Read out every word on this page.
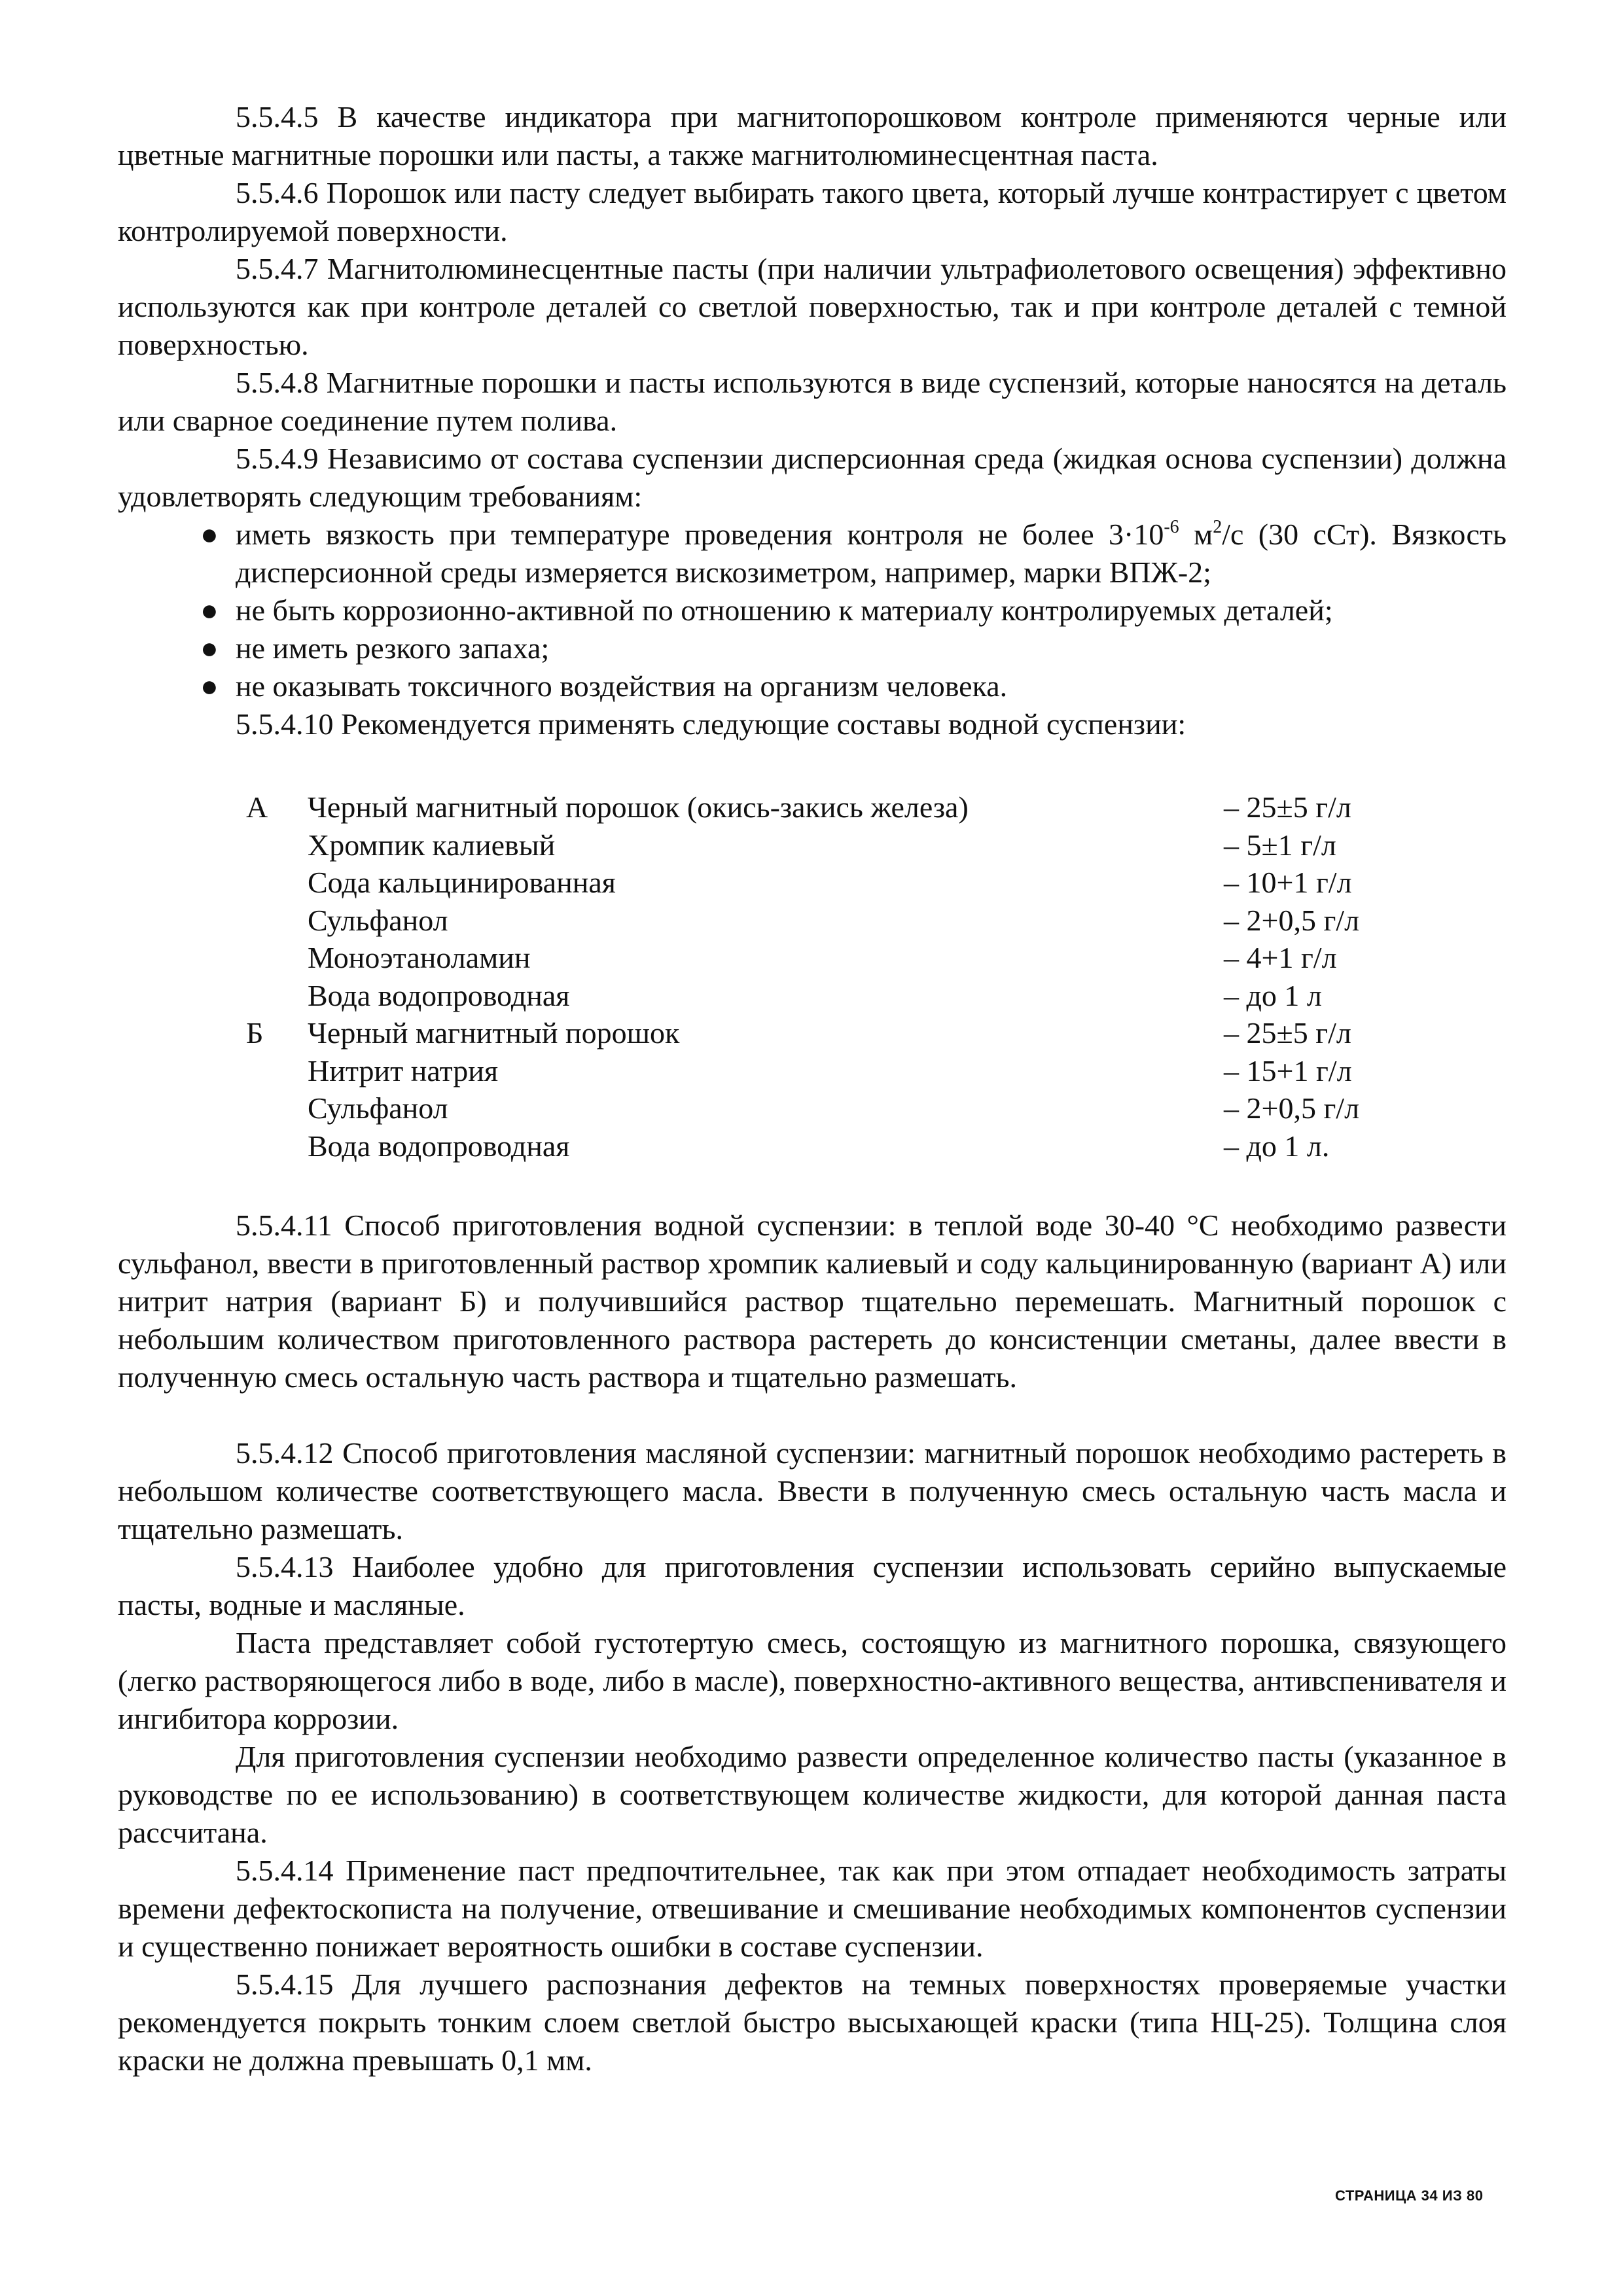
5.5.4.5 В качестве индикатора при магнитопорошковом контроле применяются черные или цветные магнитные порошки или пасты, а также магнитолюминесцентная паста.

5.5.4.6 Порошок или пасту следует выбирать такого цвета, который лучше контрастирует с цветом контролируемой поверхности.

5.5.4.7 Магнитолюминесцентные пасты (при наличии ультрафиолетового освещения) эффективно используются как при контроле деталей со светлой поверхностью, так и при контроле деталей с темной поверхностью.

5.5.4.8 Магнитные порошки и пасты используются в виде суспензий, которые наносятся на деталь или сварное соединение путем полива.

5.5.4.9 Независимо от состава суспензии дисперсионная среда (жидкая основа суспензии) должна удовлетворять следующим требованиям:

● иметь вязкость при температуре проведения контроля не более $3\cdot 10^{-6}$ $м^2/с$ (30 сСт). Вязкость дисперсионной среды измеряется вискозиметром, например, марки ВПЖ-2;

● не быть коррозионно-активной по отношению к материалу контролируемых деталей;

● не иметь резкого запаха;

● не оказывать токсичного воздействия на организм человека.

5.5.4.10 Рекомендуется применять следующие составы водной суспензии:

А Черный магнитный порошок (окись-закись железа)	– 25±5 г/л
Хромпик калиевый	– 5±1 г/л
Сода кальцинированная	– 10+1 г/л
Сульфанол	– 2+0,5 г/л
Моноэтаноламин	– 4+1 г/л
Вода водопроводная	– до 1 л
Б Черный магнитный порошок	– 25±5 г/л
Нитрит натрия	– 15+1 г/л
Сульфанол	– 2+0,5 г/л
Вода водопроводная	– до 1 л.

5.5.4.11 Способ приготовления водной суспензии: в теплой воде 30-40 °С необходимо развести сульфанол, ввести в приготовленный раствор хромпик калиевый и соду кальцинированную (вариант А) или нитрит натрия (вариант Б) и получившийся раствор тщательно перемешать. Магнитный порошок с небольшим количеством приготовленного раствора растереть до консистенции сметаны, далее ввести в полученную смесь остальную часть раствора и тщательно размешать.

5.5.4.12 Способ приготовления масляной суспензии: магнитный порошок необходимо растереть в небольшом количестве соответствующего масла. Ввести в полученную смесь остальную часть масла и тщательно размешать.

5.5.4.13 Наиболее удобно для приготовления суспензии использовать серийно выпускаемые пасты, водные и масляные.

Паста представляет собой густотертую смесь, состоящую из магнитного порошка, связующего (легко растворяющегося либо в воде, либо в масле), поверхностно-активного вещества, антивспенивателя и ингибитора коррозии.

Для приготовления суспензии необходимо развести определенное количество пасты (указанное в руководстве по ее использованию) в соответствующем количестве жидкости, для которой данная паста рассчитана.

5.5.4.14 Применение паст предпочтительнее, так как при этом отпадает необходимость затраты времени дефектоскописта на получение, отвешивание и смешивание необходимых компонентов суспензии и существенно понижает вероятность ошибки в составе суспензии.

5.5.4.15 Для лучшего распознания дефектов на темных поверхностях проверяемые участки рекомендуется покрыть тонким слоем светлой быстро высыхающей краски (типа НЦ-25). Толщина слоя краски не должна превышать 0,1 мм.

СТРАНИЦА 34 ИЗ 80
